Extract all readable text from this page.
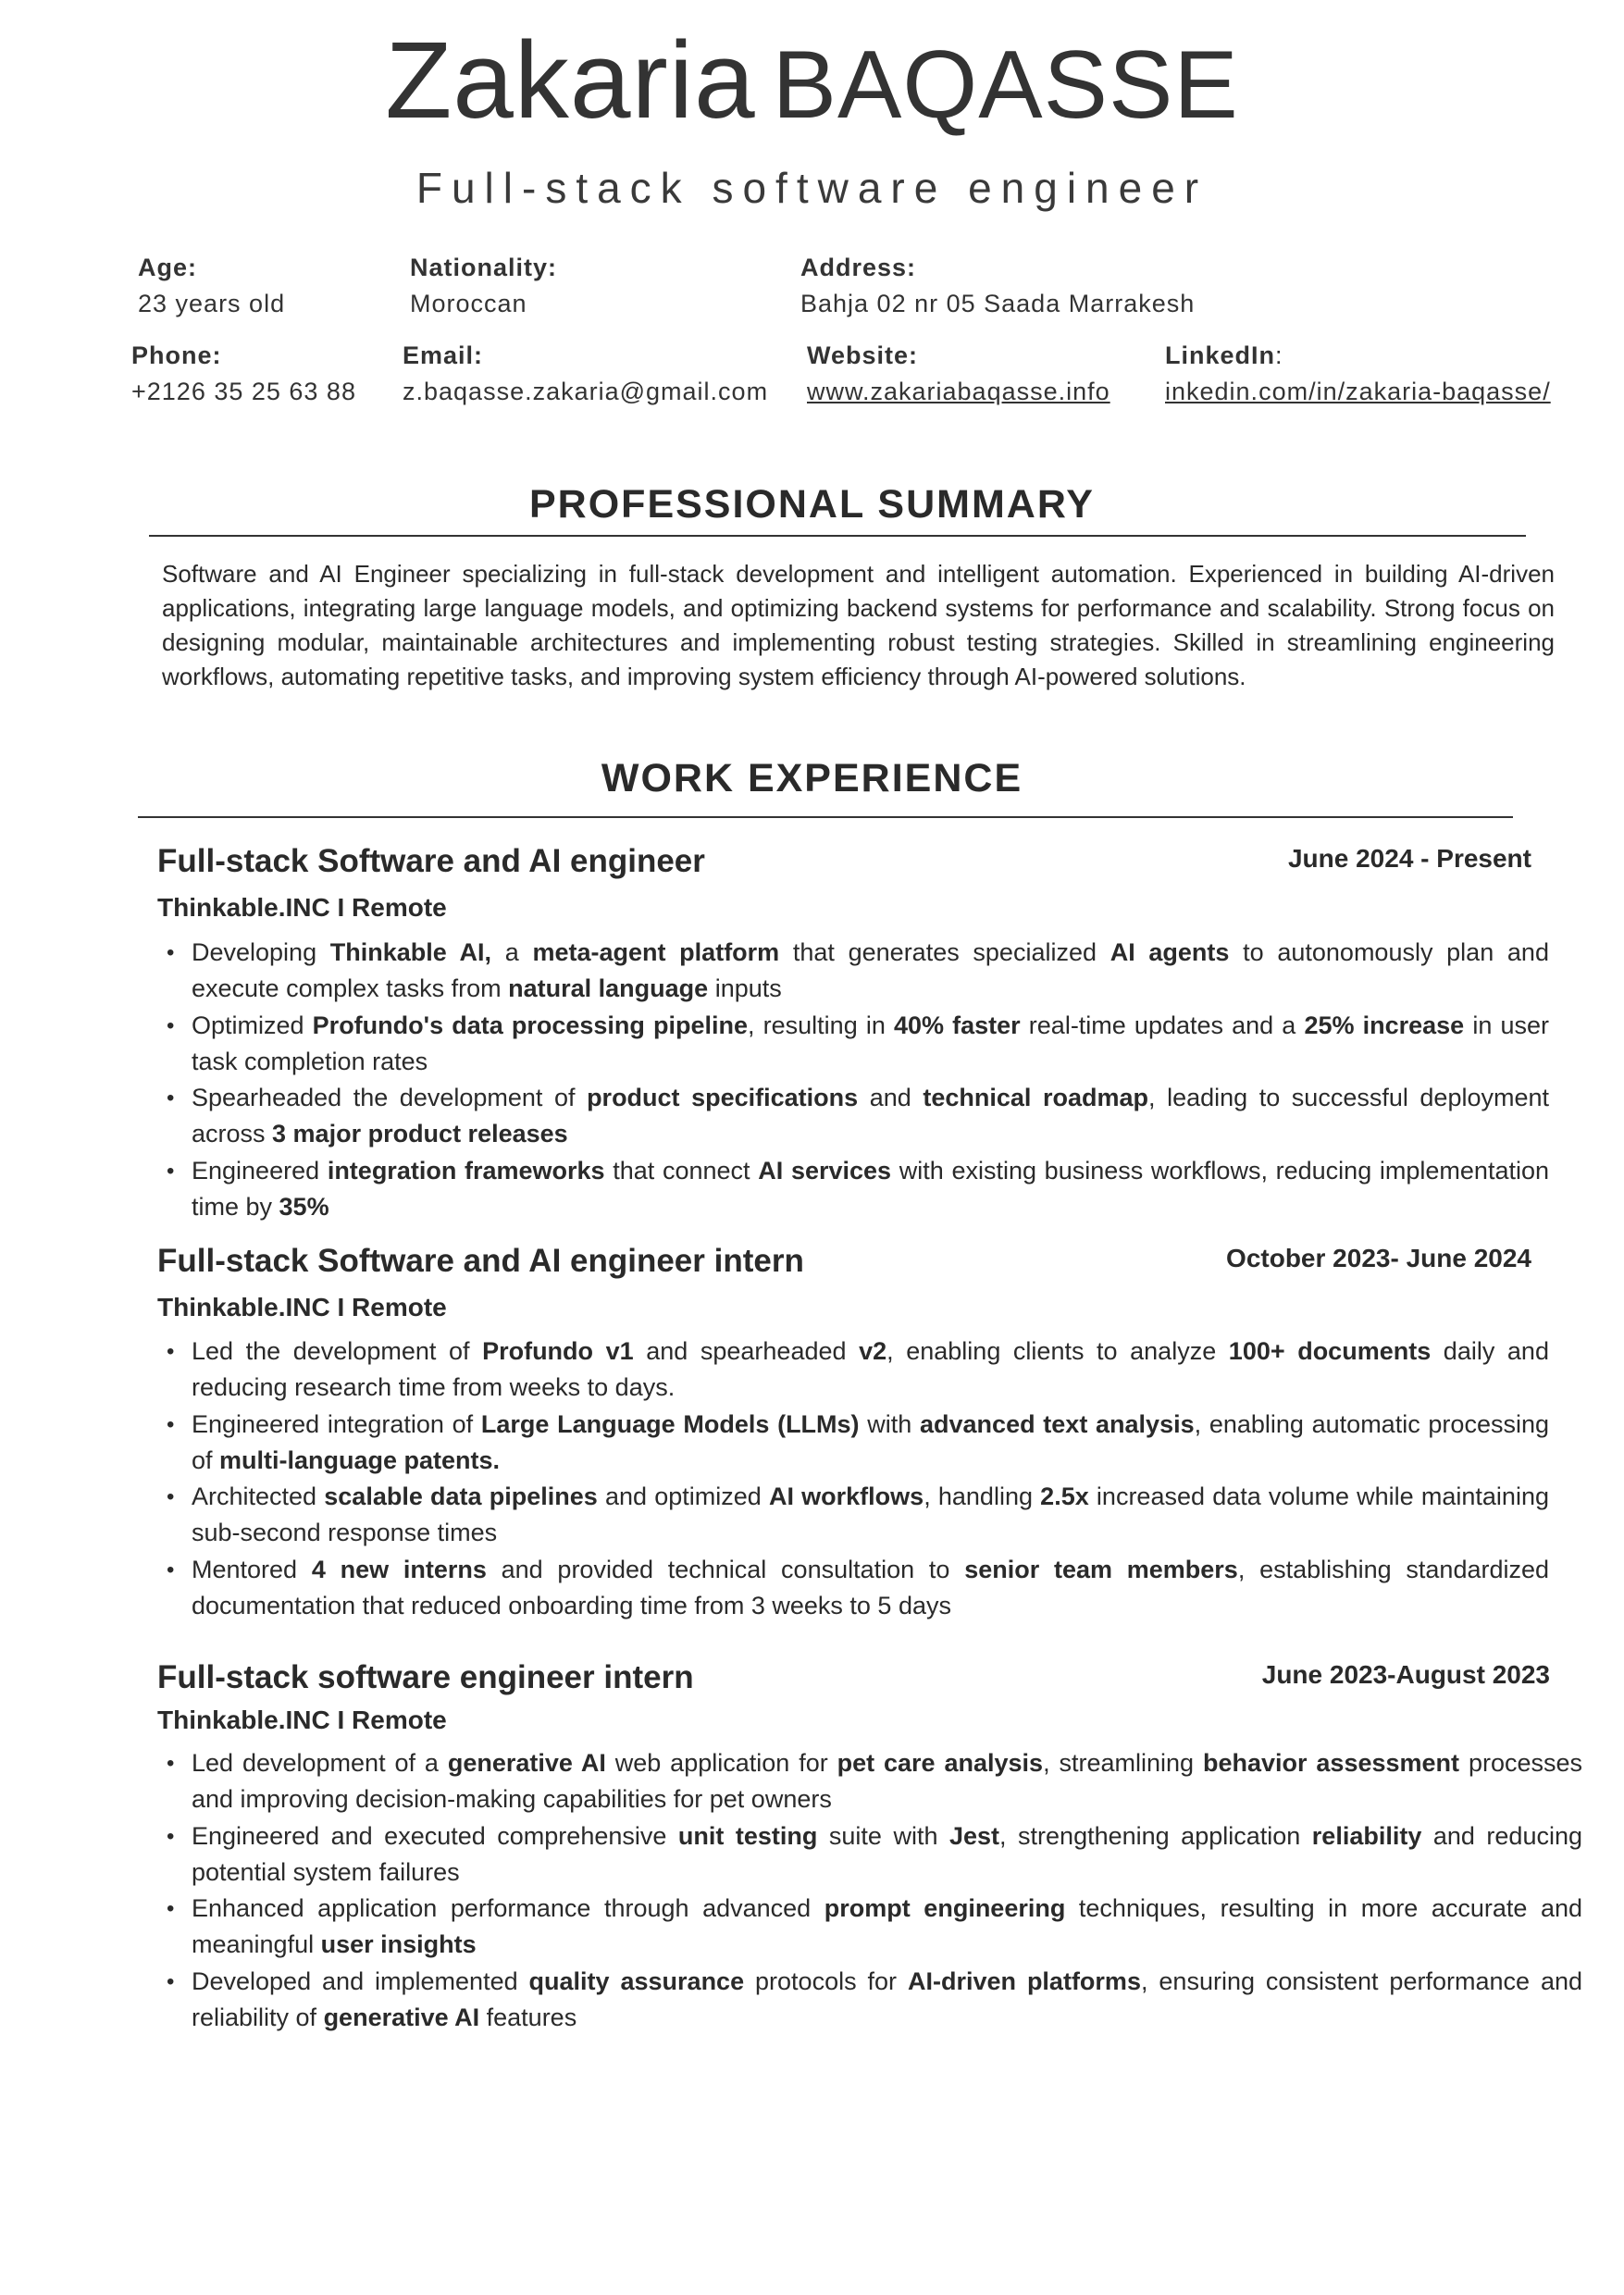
Zakaria BAQASSE
Full-stack software engineer
Age:
23 years old
Nationality:
Moroccan
Address:
Bahja 02 nr 05 Saada Marrakesh
Phone:
+2126 35 25 63 88
Email:
z.baqasse.zakaria@gmail.com
Website:
www.zakariabaqasse.info
LinkedIn:
inkedin.com/in/zakaria-baqasse/
PROFESSIONAL SUMMARY
Software and AI Engineer specializing in full-stack development and intelligent automation. Experienced in building AI-driven applications, integrating large language models, and optimizing backend systems for performance and scalability. Strong focus on designing modular, maintainable architectures and implementing robust testing strategies. Skilled in streamlining engineering workflows, automating repetitive tasks, and improving system efficiency through AI-powered solutions.
WORK EXPERIENCE
Full-stack Software and AI engineer	June 2024 - Present
Thinkable.INC I Remote
• Developing Thinkable AI, a meta-agent platform that generates specialized AI agents to autonomously plan and execute complex tasks from natural language inputs
• Optimized Profundo's data processing pipeline, resulting in 40% faster real-time updates and a 25% increase in user task completion rates
• Spearheaded the development of product specifications and technical roadmap, leading to successful deployment across 3 major product releases
• Engineered integration frameworks that connect AI services with existing business workflows, reducing implementation time by 35%
Full-stack Software and AI engineer intern	October 2023- June 2024
Thinkable.INC I Remote
• Led the development of Profundo v1 and spearheaded v2, enabling clients to analyze 100+ documents daily and reducing research time from weeks to days.
• Engineered integration of Large Language Models (LLMs) with advanced text analysis, enabling automatic processing of multi-language patents.
• Architected scalable data pipelines and optimized AI workflows, handling 2.5x increased data volume while maintaining sub-second response times
• Mentored 4 new interns and provided technical consultation to senior team members, establishing standardized documentation that reduced onboarding time from 3 weeks to 5 days
Full-stack software engineer intern	June 2023-August 2023
Thinkable.INC I Remote
• Led development of a generative AI web application for pet care analysis, streamlining behavior assessment processes and improving decision-making capabilities for pet owners
• Engineered and executed comprehensive unit testing suite with Jest, strengthening application reliability and reducing potential system failures
• Enhanced application performance through advanced prompt engineering techniques, resulting in more accurate and meaningful user insights
• Developed and implemented quality assurance protocols for AI-driven platforms, ensuring consistent performance and reliability of generative AI features
